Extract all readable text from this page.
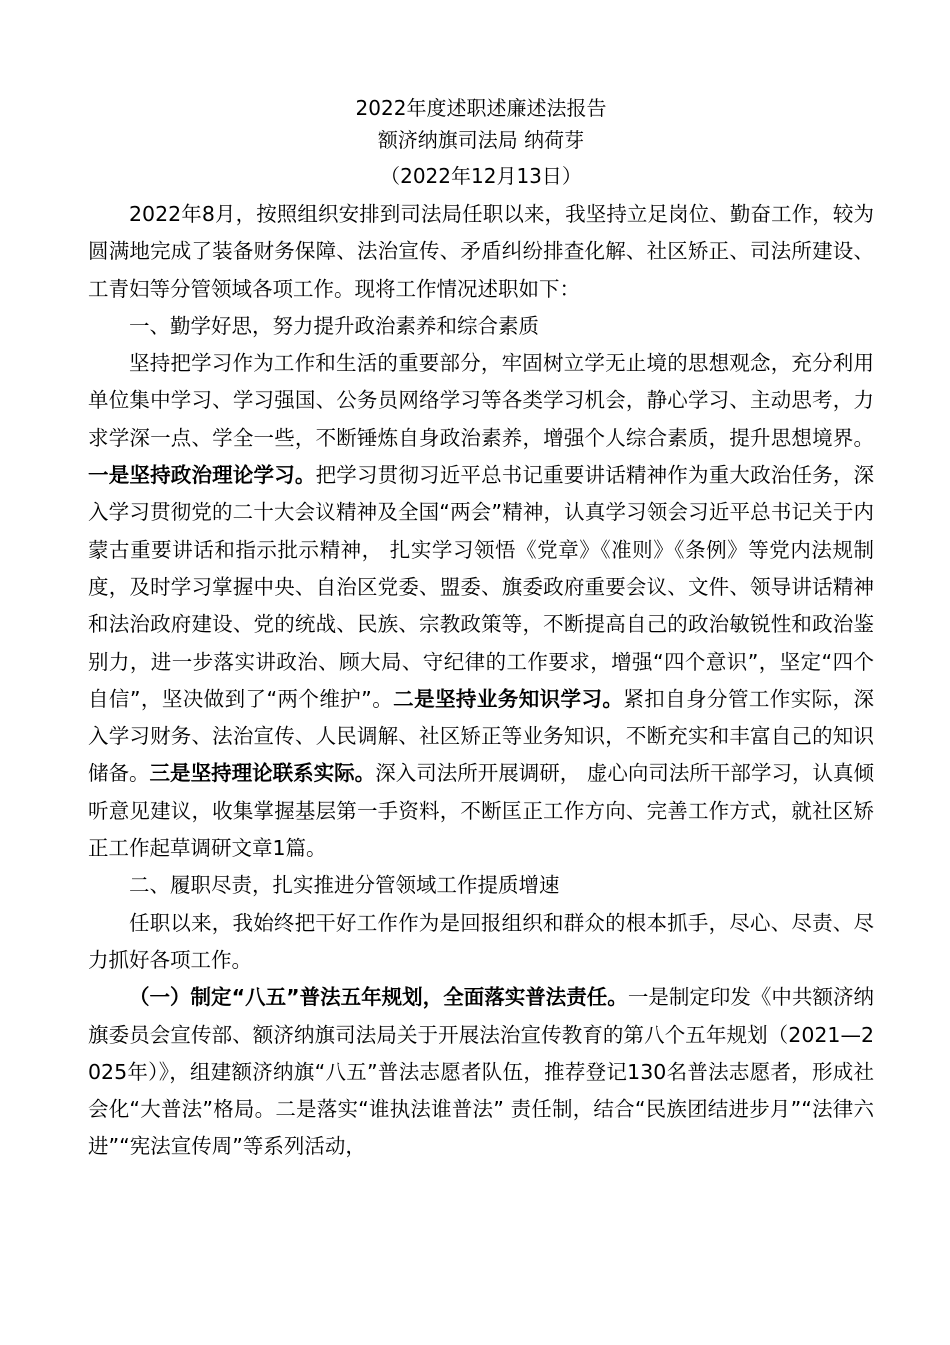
2022年度述职述廉述法报告

额济纳旗司法局 纳荷芽

（2022年12月13日）

2022年8月，按照组织安排到司法局任职以来，我坚持立足岗位、勤奋工作，较为圆满地完成了装备财务保障、法治宣传、矛盾纠纷排查化解、社区矫正、司法所建设、工青妇等分管领域各项工作。现将工作情况述职如下：

一、勤学好思，努力提升政治素养和综合素质

坚持把学习作为工作和生活的重要部分，牢固树立学无止境的思想观念，充分利用单位集中学习、学习强国、公务员网络学习等各类学习机会，静心学习、主动思考，力求学深一点、学全一些，不断锤炼自身政治素养，增强个人综合素质，提升思想境界。一是坚持政治理论学习。把学习贯彻习近平总书记重要讲话精神作为重大政治任务，深入学习贯彻党的二十大会议精神及全国“两会”精神，认真学习领会习近平总书记关于内蒙古重要讲话和指示批示精神， 扎实学习领悟《党章》《准则》《条例》等党内法规制度，及时学习掌握中央、自治区党委、盟委、旗委政府重要会议、文件、领导讲话精神和法治政府建设、党的统战、民族、宗教政策等，不断提高自己的政治敏锐性和政治鉴别力，进一步落实讲政治、顾大局、守纪律的工作要求，增强“四个意识”，坚定“四个自信”，坚决做到了“两个维护”。二是坚持业务知识学习。紧扣自身分管工作实际，深入学习财务、法治宣传、人民调解、社区矫正等业务知识，不断充实和丰富自己的知识储备。三是坚持理论联系实际。深入司法所开展调研， 虚心向司法所干部学习，认真倾听意见建议，收集掌握基层第一手资料，不断匡正工作方向、完善工作方式，就社区矫正工作起草调研文章1篇。

二、履职尽责，扎实推进分管领域工作提质增速

任职以来，我始终把干好工作作为是回报组织和群众的根本抓手，尽心、尽责、尽力抓好各项工作。

（一）制定“八五”普法五年规划，全面落实普法责任。一是制定印发《中共额济纳旗委员会宣传部、额济纳旗司法局关于开展法治宣传教育的第八个五年规划（2021—2025年）》，组建额济纳旗“八五”普法志愿者队伍，推荐登记130名普法志愿者，形成社会化“大普法”格局。二是落实“谁执法谁普法” 责任制，结合“民族团结进步月”“法律六进”“宪法宣传周”等系列活动，
